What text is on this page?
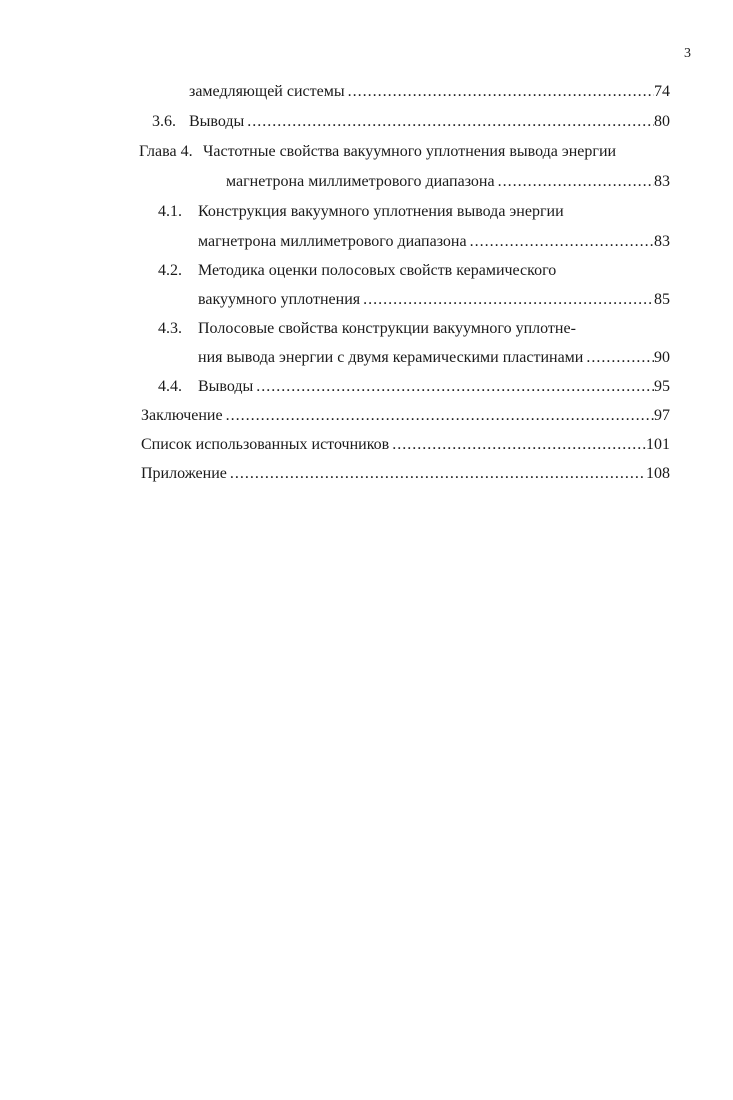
3
замедляющей системы .....	74
3.6. Выводы .....	80
Глава 4. Частотные свойства вакуумного уплотнения вывода энергии
магнетрона миллиметрового диапазона .....	83
4.1. Конструкция вакуумного уплотнения вывода энергии
магнетрона миллиметрового диапазона .....	83
4.2. Методика оценки полосовых свойств керамического
вакуумного уплотнения .....	85
4.3. Полосовые свойства конструкции вакуумного уплотне-
ния вывода энергии с двумя керамическими пластинами .....	90
4.4. Выводы .....	95
Заключение .....	97
Список использованных источников .....	101
Приложение .....	108
